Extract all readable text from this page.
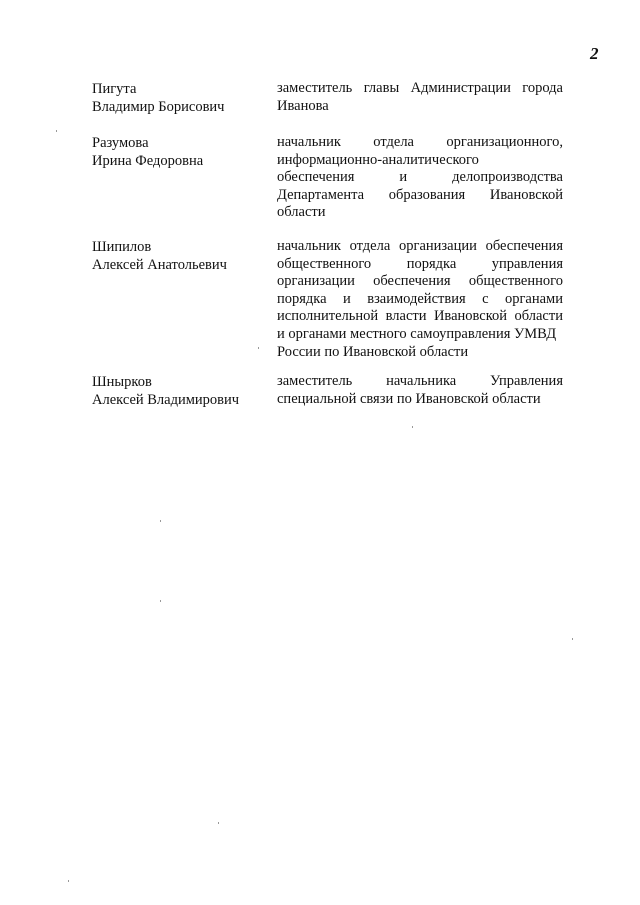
2
Пигута
Владимир Борисович
заместитель главы Администрации города
Иванова
Разумова
Ирина Федоровна
начальник отдела организационного,
информационно-аналитического
обеспечения	и	делопроизводства
Департамента образования Ивановской
области
Шипилов
Алексей Анатольевич
начальник отдела организации обеспечения
общественного порядка управления
организации обеспечения общественного
порядка и взаимодействия с органами
исполнительной власти Ивановской области
и органами местного самоуправления УМВД
России по Ивановской области
Шнырков
Алексей Владимирович
заместитель начальника Управления
специальной связи по Ивановской области
